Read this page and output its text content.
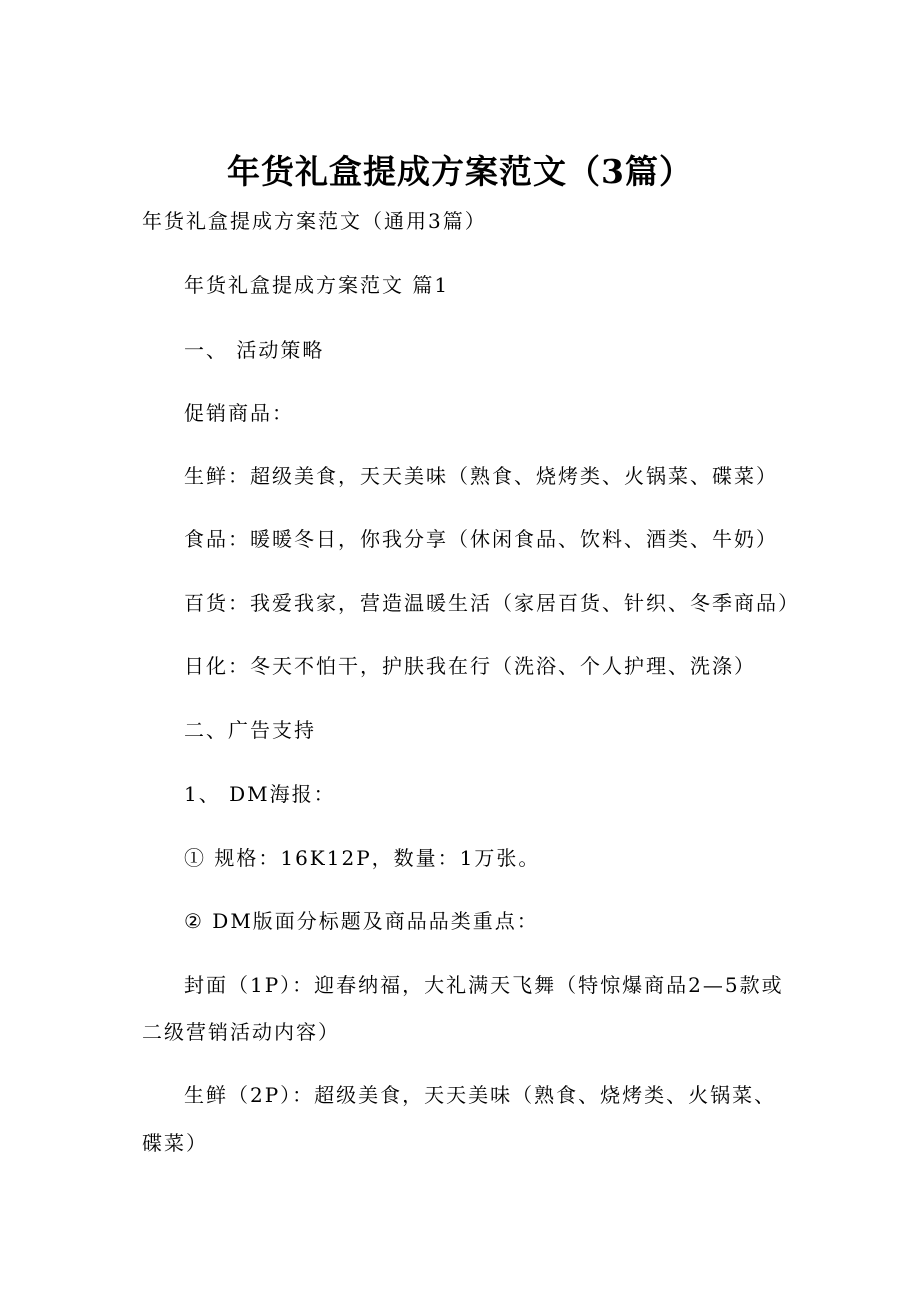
年货礼盒提成方案范文（3篇）
年货礼盒提成方案范文（通用3篇）
年货礼盒提成方案范文 篇1
一、 活动策略
促销商品：
生鲜：超级美食，天天美味（熟食、烧烤类、火锅菜、碟菜）
食品：暖暖冬日，你我分享（休闲食品、饮料、酒类、牛奶）
百货：我爱我家，营造温暖生活（家居百货、针织、冬季商品）
日化：冬天不怕干，护肤我在行（洗浴、个人护理、洗涤）
二、广告支持
1、 DM海报：
① 规格：16K12P，数量：1万张。
② DM版面分标题及商品品类重点：
封面（1P）：迎春纳福，大礼满天飞舞（特惊爆商品2—5款或
二级营销活动内容）
生鲜（2P）：超级美食，天天美味（熟食、烧烤类、火锅菜、
碟菜）
